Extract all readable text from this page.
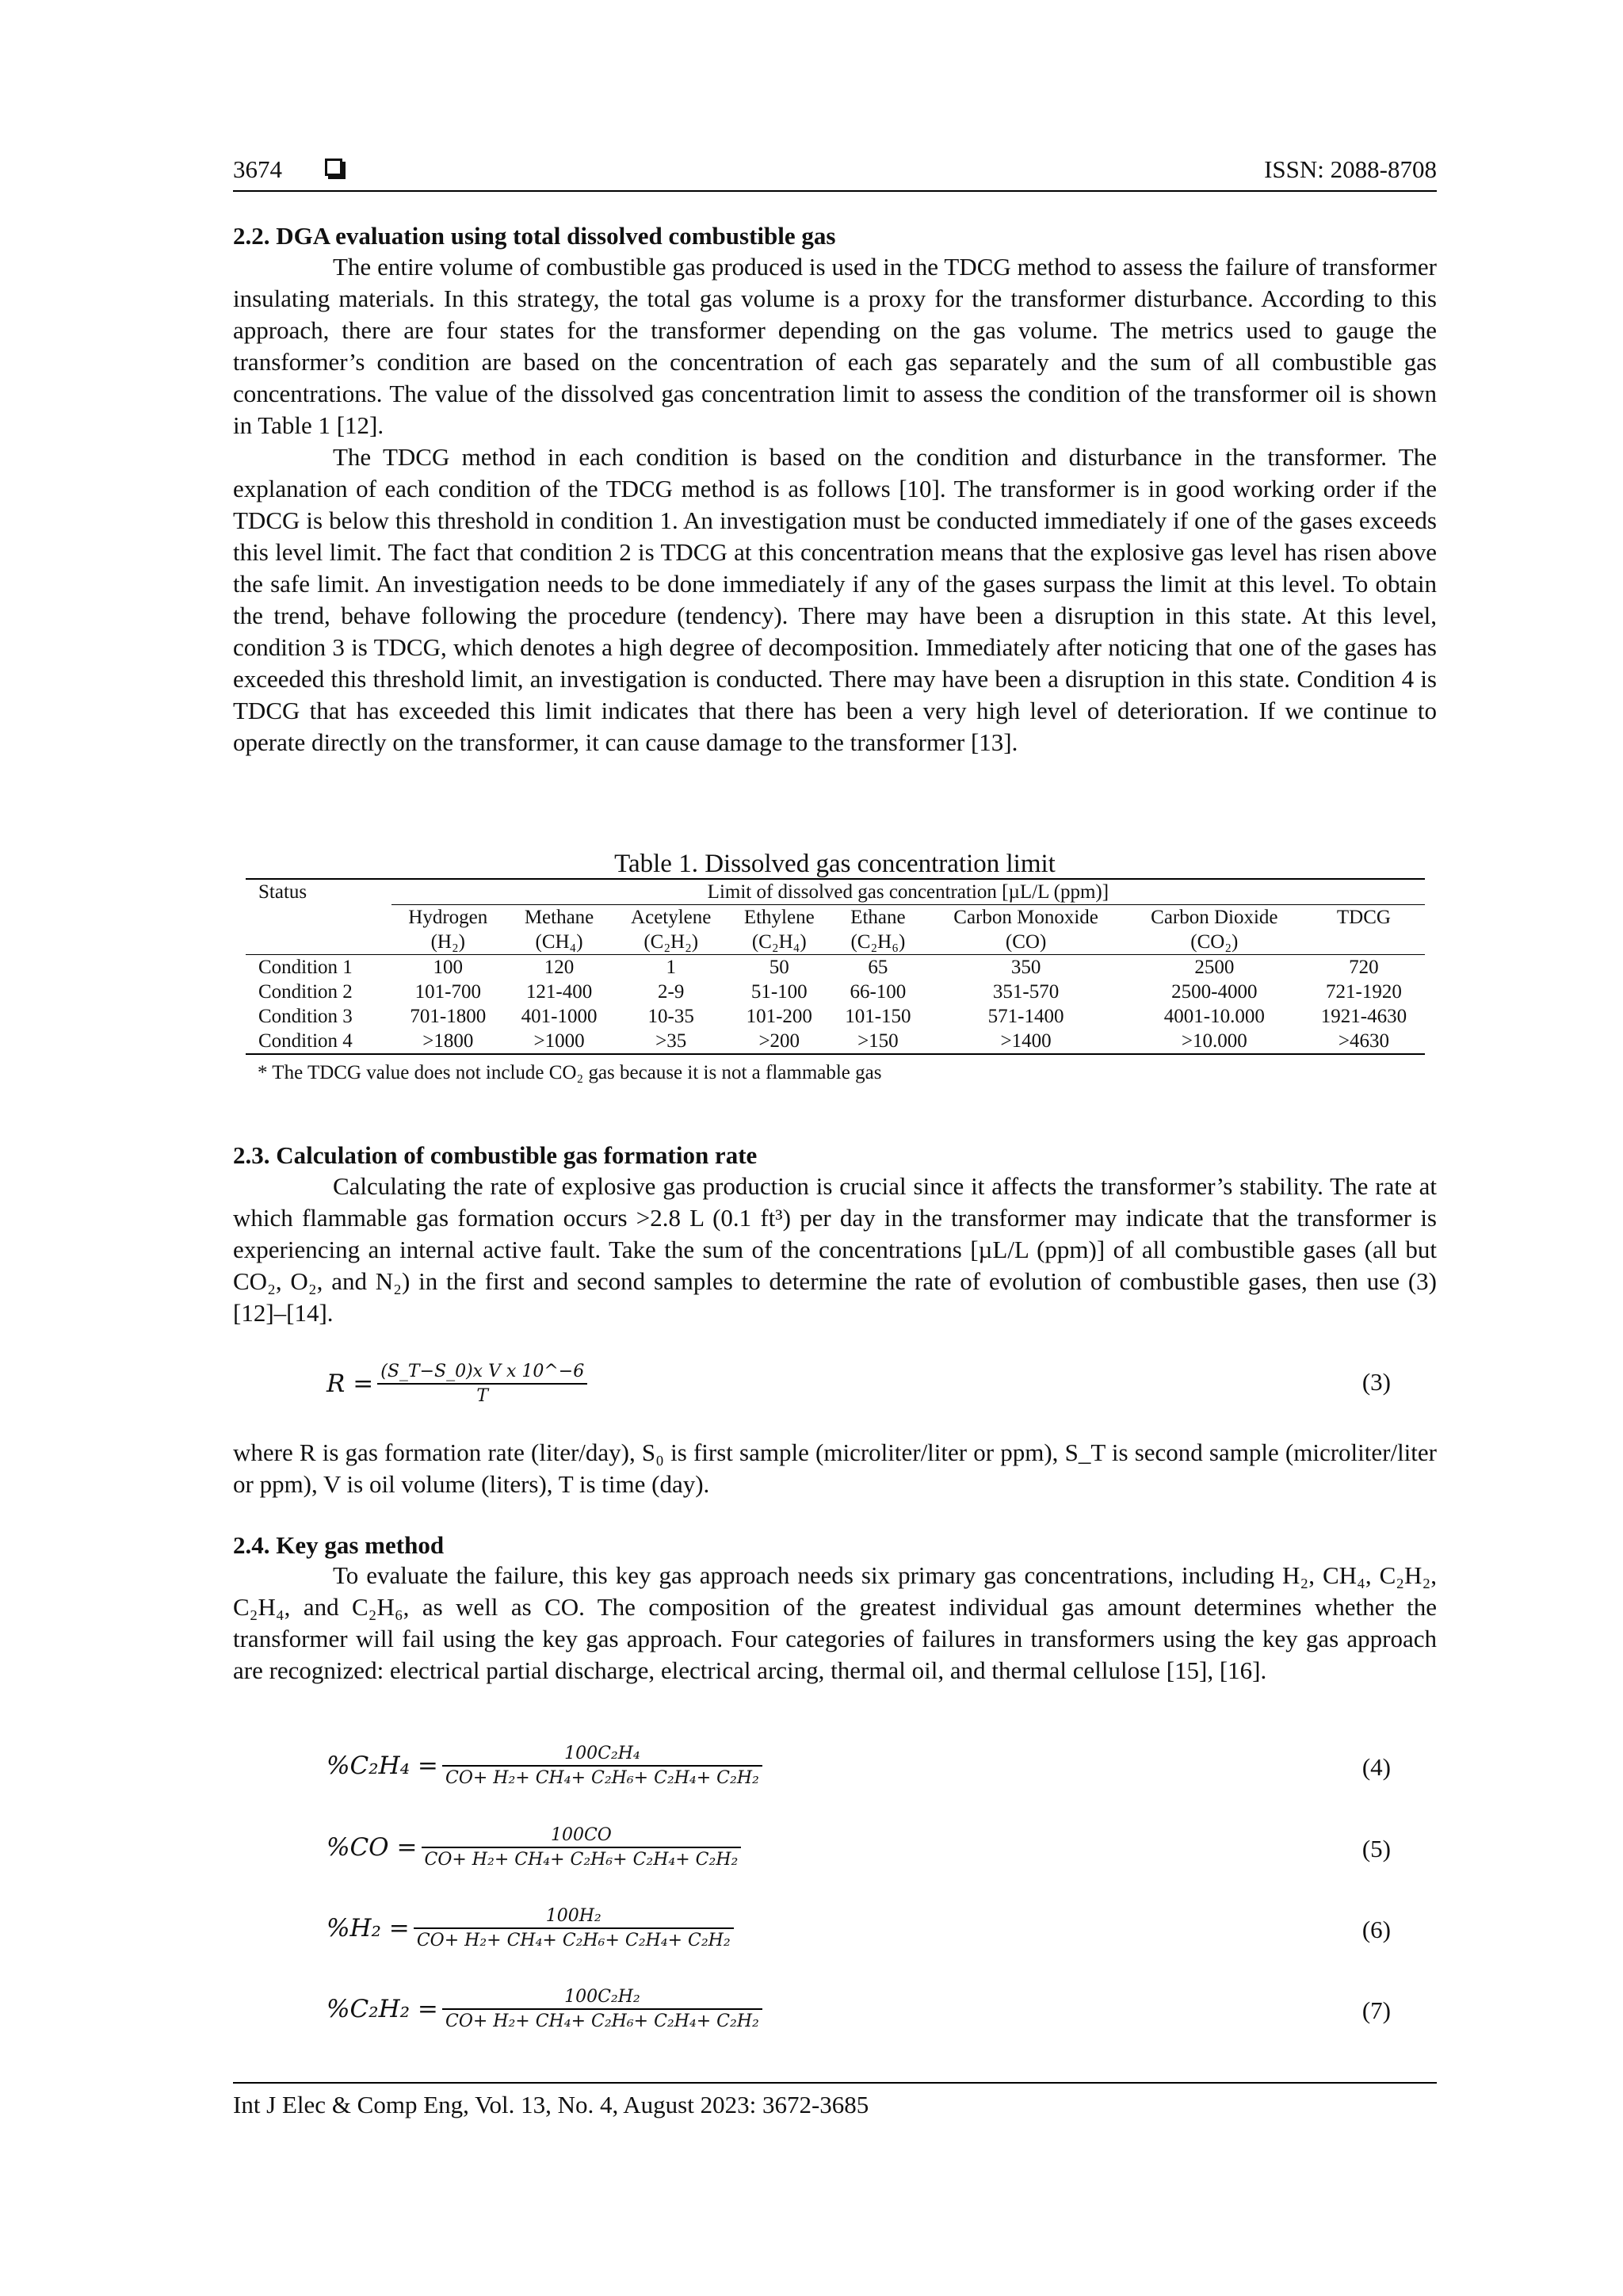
3674	ISSN: 2088-8708
2.2. DGA evaluation using total dissolved combustible gas

The entire volume of combustible gas produced is used in the TDCG method to assess the failure of transformer insulating materials. In this strategy, the total gas volume is a proxy for the transformer disturbance. According to this approach, there are four states for the transformer depending on the gas volume. The metrics used to gauge the transformer’s condition are based on the concentration of each gas separately and the sum of all combustible gas concentrations. The value of the dissolved gas concentration limit to assess the condition of the transformer oil is shown in Table 1 [12].

The TDCG method in each condition is based on the condition and disturbance in the transformer. The explanation of each condition of the TDCG method is as follows [10]. The transformer is in good working order if the TDCG is below this threshold in condition 1. An investigation must be conducted immediately if one of the gases exceeds this level limit. The fact that condition 2 is TDCG at this concentration means that the explosive gas level has risen above the safe limit. An investigation needs to be done immediately if any of the gases surpass the limit at this level. To obtain the trend, behave following the procedure (tendency). There may have been a disruption in this state. At this level, condition 3 is TDCG, which denotes a high degree of decomposition. Immediately after noticing that one of the gases has exceeded this threshold limit, an investigation is conducted. There may have been a disruption in this state. Condition 4 is TDCG that has exceeded this limit indicates that there has been a very high level of deterioration. If we continue to operate directly on the transformer, it can cause damage to the transformer [13].

Table 1. Dissolved gas concentration limit
Status	Limit of dissolved gas concentration [µL/L (ppm)]							
	Hydrogen	Methane	Acetylene	Ethylene	Ethane	Carbon Monoxide	Carbon Dioxide	TDCG
	(H₂)	(CH₄)	(C₂H₂)	(C₂H₄)	(C₂H₆)	(CO)	(CO₂)	
Condition 1	100	120	1	50	65	350	2500	720
Condition 2	101-700	121-400	2-9	51-100	66-100	351-570	2500-4000	721-1920
Condition 3	701-1800	401-1000	10-35	101-200	101-150	571-1400	4001-10.000	1921-4630
Condition 4	>1800	>1000	>35	>200	>150	>1400	>10.000	>4630
* The TDCG value does not include CO₂ gas because it is not a flammable gas
2.3. Calculation of combustible gas formation rate

Calculating the rate of explosive gas production is crucial since it affects the transformer’s stability. The rate at which flammable gas formation occurs >2.8 L (0.1 ft³) per day in the transformer may indicate that the transformer is experiencing an internal active fault. Take the sum of the concentrations [µL/L (ppm)] of all combustible gases (all but CO₂, O₂, and N₂) in the first and second samples to determine the rate of evolution of combustible gases, then use (3) [12]–[14].

$R = \frac{\text{(S\_T−S\_0)x V x 10\textasciicircum{}−6}}{T}$	(3)

where R is gas formation rate (liter/day), S₀ is first sample (microliter/liter or ppm), S_T is second sample (microliter/liter or ppm), V is oil volume (liters), T is time (day).

2.4. Key gas method

To evaluate the failure, this key gas approach needs six primary gas concentrations, including H₂, CH₄, C₂H₂, C₂H₄, and C₂H₆, as well as CO. The composition of the greatest individual gas amount determines whether the transformer will fail using the key gas approach. Four categories of failures in transformers using the key gas approach are recognized: electrical partial discharge, electrical arcing, thermal oil, and thermal cellulose [15], [16].

$\%C_2H_4 = \frac{\text{100C₂H₄}}{\text{CO+ H₂+ CH₄+ C₂H₆+ C₂H₄+ C₂H₂}}$	(4)
$\%CO = \frac{100CO}{\text{CO+ H₂+ CH₄+ C₂H₆+ C₂H₄+ C₂H₂}}$	(5)
$\%H_2 = \frac{\text{100H₂}}{\text{CO+ H₂+ CH₄+ C₂H₆+ C₂H₄+ C₂H₂}}$	(6)
$\%C_2H_2 = \frac{\text{100C₂H₂}}{\text{CO+ H₂+ CH₄+ C₂H₆+ C₂H₄+ C₂H₂}}$	(7)
Int J Elec & Comp Eng, Vol. 13, No. 4, August 2023: 3672-3685
